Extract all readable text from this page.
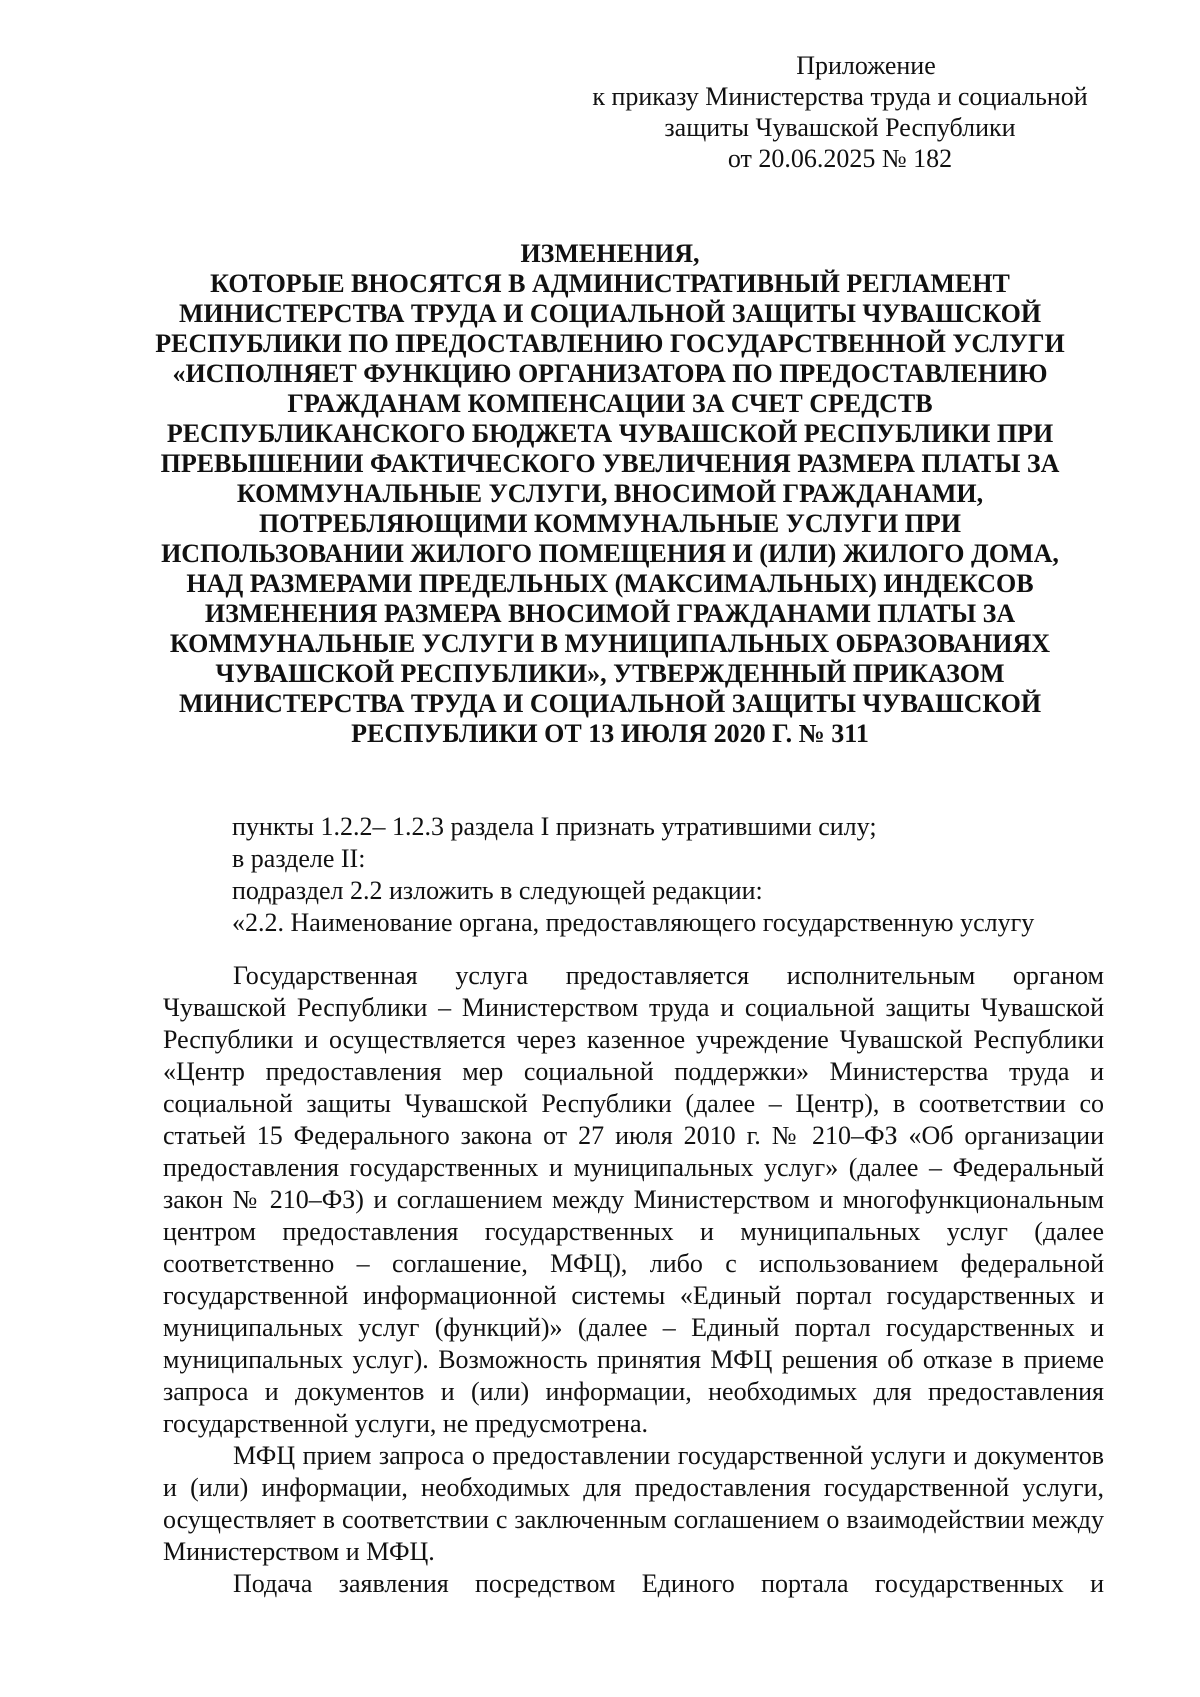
Приложение
к приказу Министерства труда и социальной
защиты Чувашской Республики
от 20.06.2025 № 182
ИЗМЕНЕНИЯ,
КОТОРЫЕ ВНОСЯТСЯ В АДМИНИСТРАТИВНЫЙ РЕГЛАМЕНТ
МИНИСТЕРСТВА ТРУДА И СОЦИАЛЬНОЙ ЗАЩИТЫ ЧУВАШСКОЙ
РЕСПУБЛИКИ ПО ПРЕДОСТАВЛЕНИЮ ГОСУДАРСТВЕННОЙ УСЛУГИ
«ИСПОЛНЯЕТ ФУНКЦИЮ ОРГАНИЗАТОРА ПО ПРЕДОСТАВЛЕНИЮ
ГРАЖДАНАМ КОМПЕНСАЦИИ ЗА СЧЕТ СРЕДСТВ
РЕСПУБЛИКАНСКОГО БЮДЖЕТА ЧУВАШСКОЙ РЕСПУБЛИКИ ПРИ
ПРЕВЫШЕНИИ ФАКТИЧЕСКОГО УВЕЛИЧЕНИЯ РАЗМЕРА ПЛАТЫ ЗА
КОММУНАЛЬНЫЕ УСЛУГИ, ВНОСИМОЙ ГРАЖДАНАМИ,
ПОТРЕБЛЯЮЩИМИ КОММУНАЛЬНЫЕ УСЛУГИ ПРИ
ИСПОЛЬЗОВАНИИ ЖИЛОГО ПОМЕЩЕНИЯ И (ИЛИ) ЖИЛОГО ДОМА,
НАД РАЗМЕРАМИ ПРЕДЕЛЬНЫХ (МАКСИМАЛЬНЫХ) ИНДЕКСОВ
ИЗМЕНЕНИЯ РАЗМЕРА ВНОСИМОЙ ГРАЖДАНАМИ ПЛАТЫ ЗА
КОММУНАЛЬНЫЕ УСЛУГИ В МУНИЦИПАЛЬНЫХ ОБРАЗОВАНИЯХ
ЧУВАШСКОЙ РЕСПУБЛИКИ», УТВЕРЖДЕННЫЙ ПРИКАЗОМ
МИНИСТЕРСТВА ТРУДА И СОЦИАЛЬНОЙ ЗАЩИТЫ ЧУВАШСКОЙ
РЕСПУБЛИКИ ОТ 13 ИЮЛЯ 2020 Г. № 311
пункты 1.2.2– 1.2.3 раздела I признать утратившими силу;
в разделе II:
подраздел 2.2 изложить в следующей редакции:
«2.2. Наименование органа, предоставляющего государственную услугу

Государственная услуга предоставляется исполнительным органом Чувашской Республики – Министерством труда и социальной защиты Чувашской Республики и осуществляется через казенное учреждение Чувашской Республики «Центр предоставления мер социальной поддержки» Министерства труда и социальной защиты Чувашской Республики (далее – Центр), в соответствии со статьей 15 Федерального закона от 27 июля 2010 г. № 210–ФЗ «Об организации предоставления государственных и муниципальных услуг» (далее – Федеральный закон № 210–ФЗ) и соглашением между Министерством и многофункциональным центром предоставления государственных и муниципальных услуг (далее соответственно – соглашение, МФЦ), либо с использованием федеральной государственной информационной системы «Единый портал государственных и муниципальных услуг (функций)» (далее – Единый портал государственных и муниципальных услуг). Возможность принятия МФЦ решения об отказе в приеме запроса и документов и (или) информации, необходимых для предоставления государственной услуги, не предусмотрена.

МФЦ прием запроса о предоставлении государственной услуги и документов и (или) информации, необходимых для предоставления государственной услуги, осуществляет в соответствии с заключенным соглашением о взаимодействии между Министерством и МФЦ.

Подача заявления посредством Единого портала государственных и
